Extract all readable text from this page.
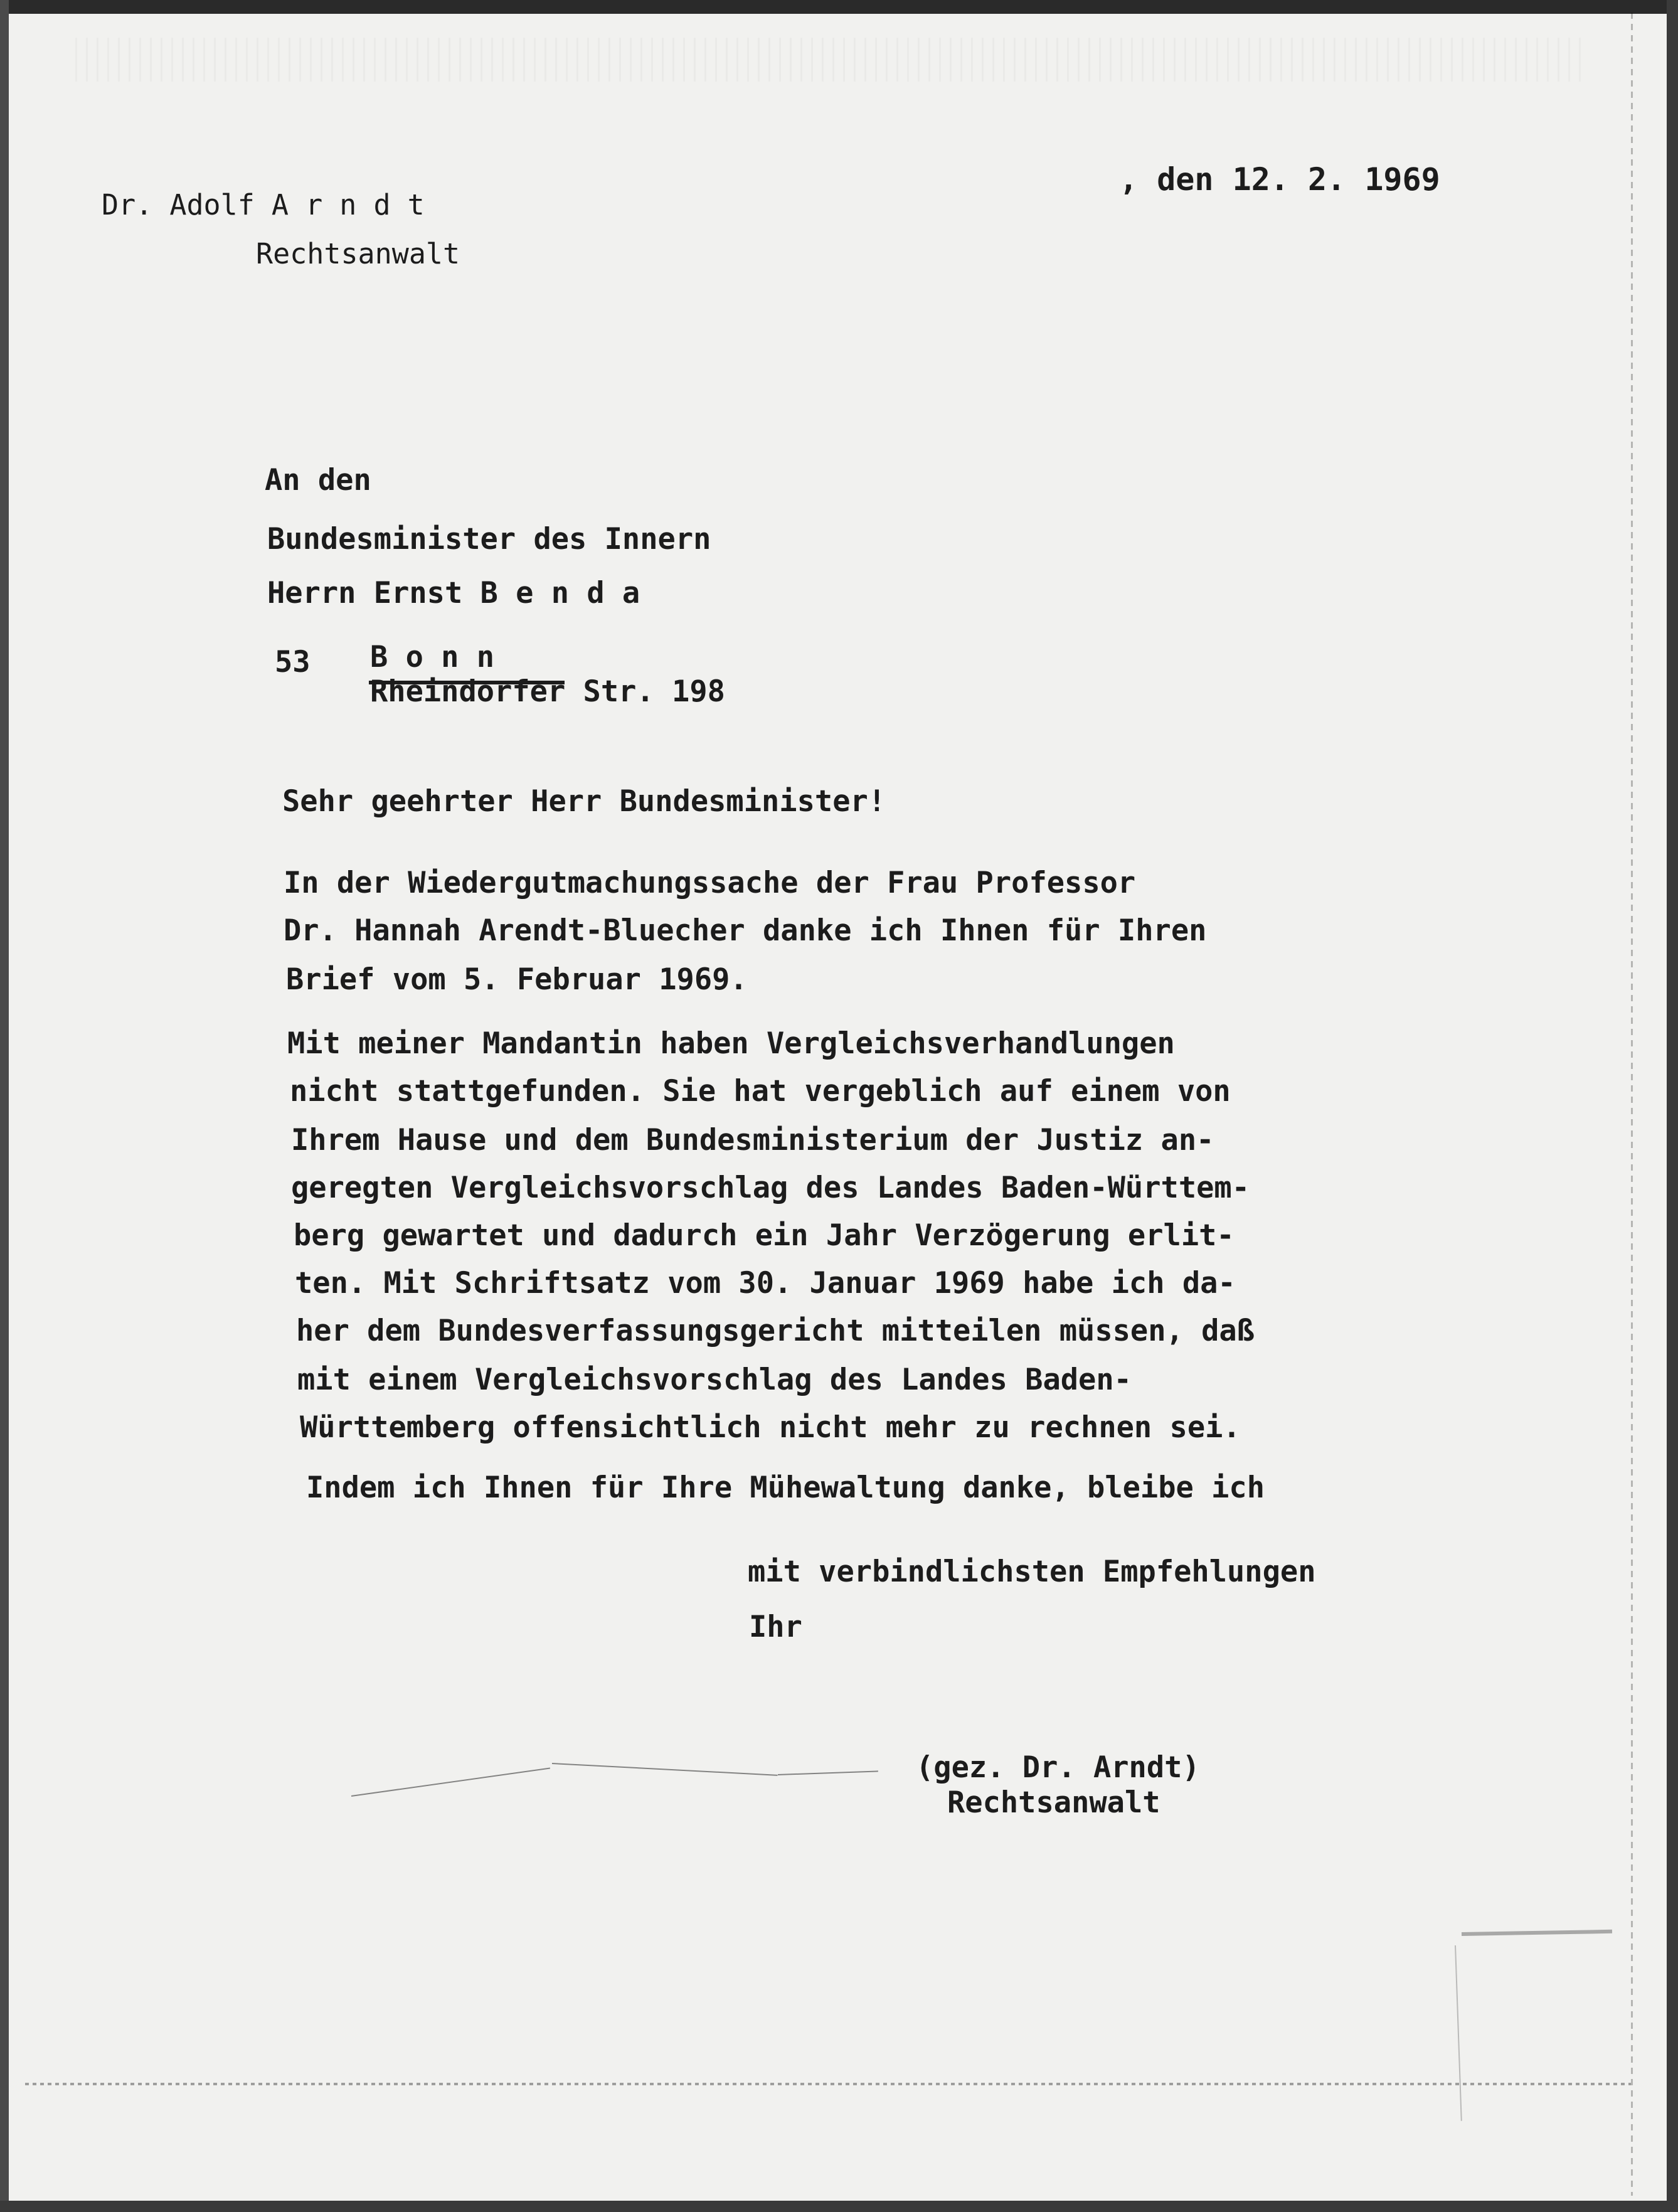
Dr. Adolf A r n d t
Rechtsanwalt
, den 12. 2. 1969
An den
Bundesminister des Innern
Herrn Ernst B e n d a
53 B o n n
Rheindorfer Str. 198
Sehr geehrter Herr Bundesminister!
In der Wiedergutmachungssache der Frau Professor
Dr. Hannah Arendt-Bluecher danke ich Ihnen für Ihren
Brief vom 5. Februar 1969.
Mit meiner Mandantin haben Vergleichsverhandlungen
nicht stattgefunden. Sie hat vergeblich auf einem von
Ihrem Hause und dem Bundesministerium der Justiz an-
geregten Vergleichsvorschlag des Landes Baden-Württem-
berg gewartet und dadurch ein Jahr Verzögerung erlit-
ten. Mit Schriftsatz vom 30. Januar 1969 habe ich da-
her dem Bundesverfassungsgericht mitteilen müssen, daß
mit einem Vergleichsvorschlag des Landes Baden-
Württemberg offensichtlich nicht mehr zu rechnen sei.
Indem ich Ihnen für Ihre Mühewaltung danke, bleibe ich
mit verbindlichsten Empfehlungen
Ihr
(gez. Dr. Arndt)
Rechtsanwalt
